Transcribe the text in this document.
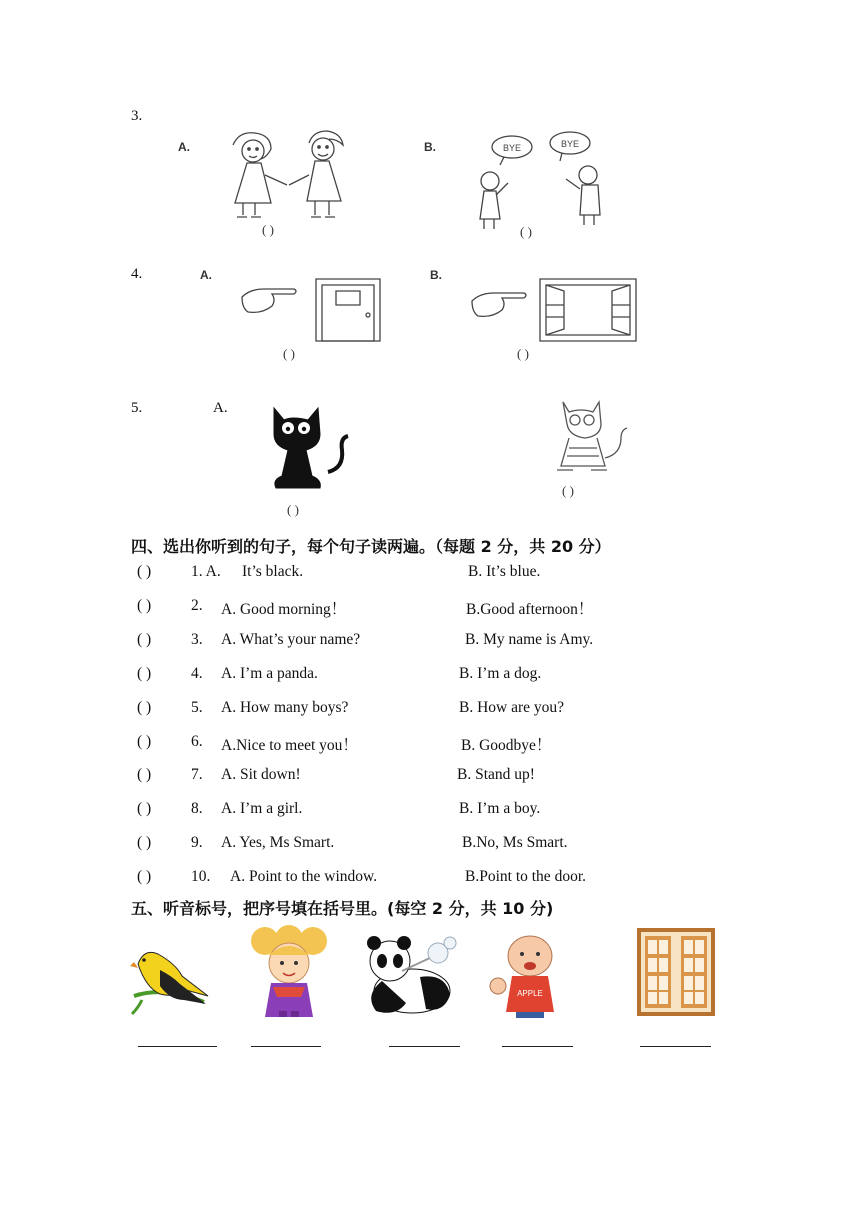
3.
A.
( )
B.	BYE	BYE
( )
4.	A.
( )
B.
( )
5.	A.
( )
( )
四、选出你听到的句子，每个句子读两遍。（每题 2 分，共 20 分）
( )	1. A. It’s black.	B. It’s blue.
( )	2. A. Good morning！	B.Good afternoon！
( )	3. A. What’s your name?	B. My name is Amy.
( )	4. A. I’m a panda.	B. I’m a dog.
( )	5. A. How many boys?	B. How are you?
( )	6. A.Nice to meet you！	B. Goodbye！
( )	7. A. Sit down!	B. Stand up!
( )	8. A. I’m a girl.	B. I’m a boy.
( )	9. A. Yes, Ms Smart.	B.No, Ms Smart.
( )	10. A. Point to the window.	B.Point to the door.
五、听音标号，把序号填在括号里。(每空 2 分，共 10 分)
APPLE
